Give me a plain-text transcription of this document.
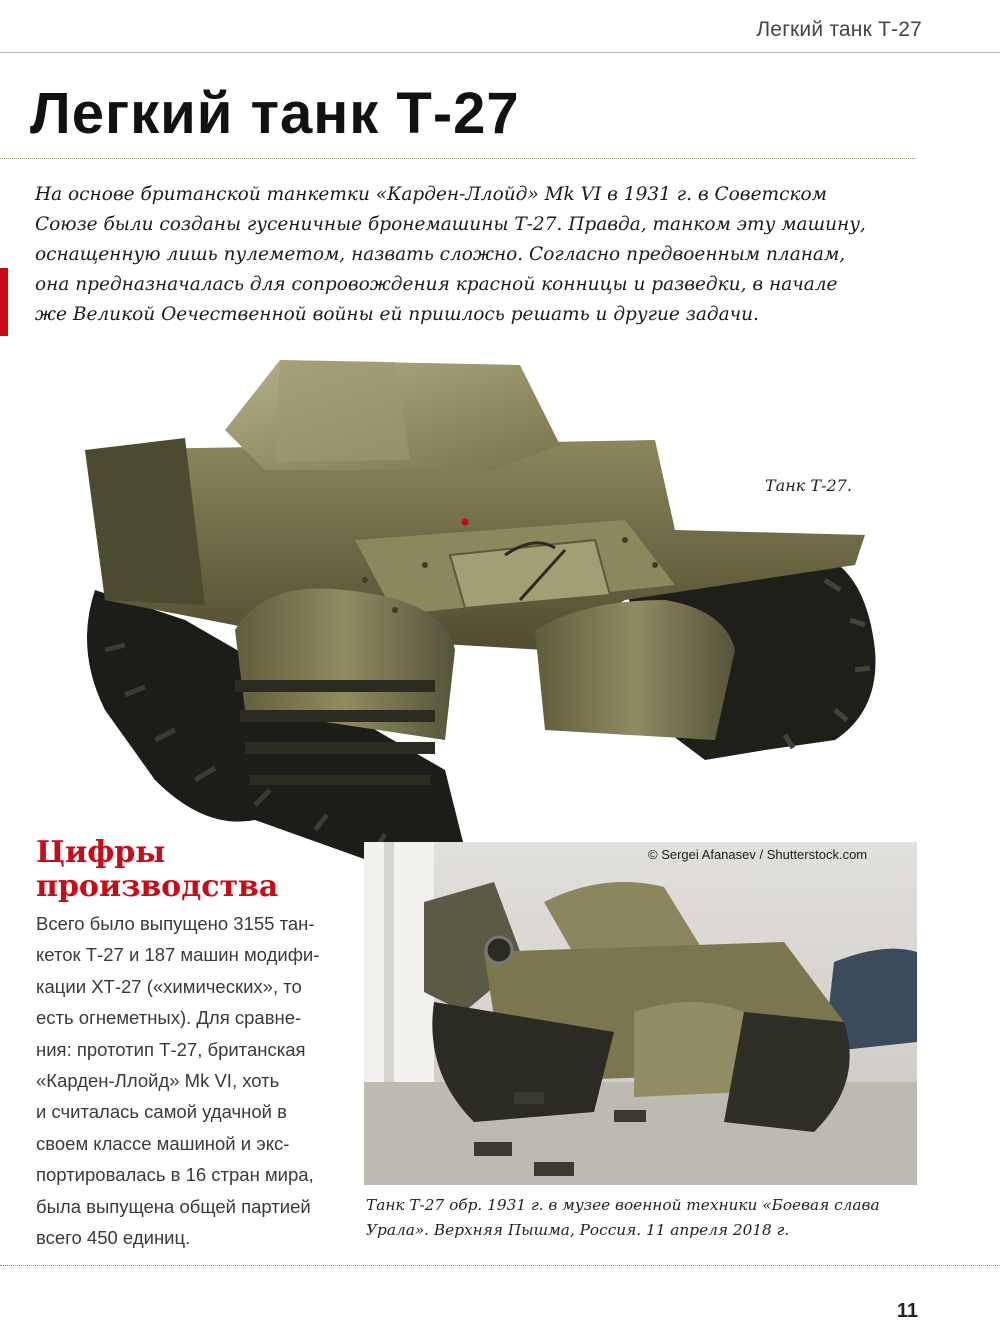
Легкий танк Т-27
Легкий танк Т-27
На основе британской танкетки «Карден-Ллойд» Mk VI в 1931 г. в Советском
Союзе были созданы гусеничные бронемашины Т-27. Правда, танком эту машину,
оснащенную лишь пулеметом, назвать сложно. Согласно предвоенным планам,
она предназначалась для сопровождения красной конницы и разведки, в начале
же Великой Оечественной войны ей пришлось решать и другие задачи.
Танк Т-27.
Цифры
производства
Всего было выпущено 3155 тан-
кеток Т-27 и 187 машин модифи-
кации ХТ-27 («химических», то
есть огнеметных). Для сравне-
ния: прототип Т-27, британская
«Карден-Ллойд» Mk VI, хоть
и считалась самой удачной в
своем классе машиной и экс-
портировалась в 16 стран мира,
была выпущена общей партией
всего 450 единиц.
© Sergei Afanasev / Shutterstock.com
Танк Т-27 обр. 1931 г. в музее военной техники «Боевая слава
Урала». Верхняя Пышма, Россия. 11 апреля 2018 г.
11
